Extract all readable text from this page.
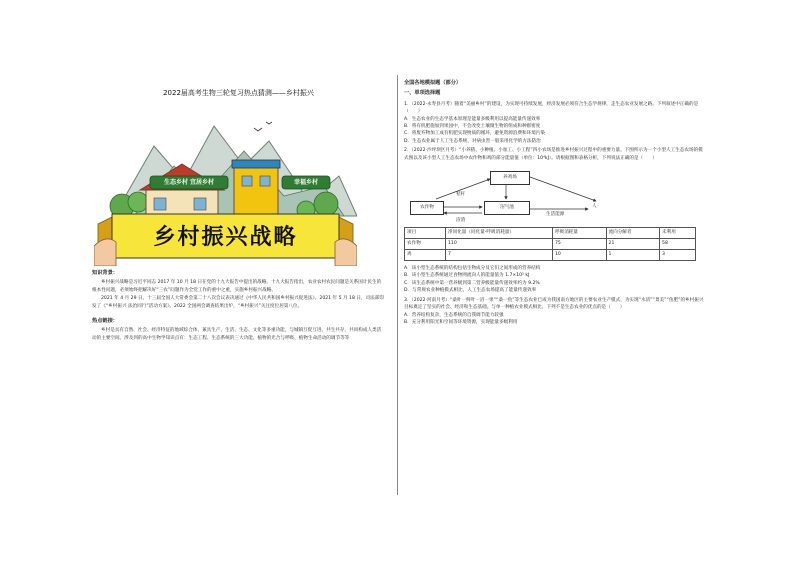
2022届高考生物三轮复习热点猜测——乡村振兴
生态乡村 宜居乡村	幸福乡村
乡村振兴战略
知识背景：

乡村振兴战略是习近平同志 2017 年 10 月 18 日在党的十九大报告中提出的战略。十九大报告指出，农业农村农民问题是关系国计民生的根本性问题，必须始终把解决好“三农”问题作为全党工作的重中之重，实施乡村振兴战略。

2021 年 4 月 29 日，十三届全国人大常委会第二十八次会议表决通过《中华人民共和国乡村振兴促进法》。2021 年 5 月 18 日，司法部印发了《“乡村振兴 法治同行”活动方案》。2022 全国两会调查结果出炉，“乡村振兴”关注度位居第八位。

热点链接：

乡村是具有自然、社会、经济特征的地域综合体，兼具生产、生活、生态、文化等多重功能，与城镇互促互进、共生共存，共同构成人类活动的主要空间。涉及到的高中生物学知识点有：生态工程、生态系统的三大功能、植物的光合与呼吸、植物生命活动的调节等等

全国各地模拟题（部分）
一、单项选择题

1．（2022·永寿县月考）随着“美丽乡村”的建设，为实现可持续发展，经济发展必须符合生态学规律，走生态农业发展之路。下列叙述中正确的是（　　）

A．生态农业的生态学基本原理是能量多级利用以提高能量传递效率

B．将有机肥施加到果园中，不会改变土壤微生物的组成和种群密度

C．将废弃物加工成有机肥实现物质的循环，避免资源浪费和环境污染

D．生态农业属于人工生态系统，对病虫害一般采用化学的方法防治

2．（2022·沙坪坝区月考）“小养猪、小种植、小加工、小工程”四小农场是推进乡村振兴过程中的重要力量。下图所示为一个小型人工生态农场的模式图以及该小型人工生态农场中农作物和鸡的部分能量值（单位：10⁴kJ）。请根据图和表格分析，下列说法正确的是（　　）

农作物
养鸡场
沼气池	人
秸秆
沼渣
生活能源
项目	净同化量（同化量-呼吸消耗量）	呼吸消耗量	流向分解者	未利用
农作物	110	75	21	58
鸡	7	10	1	3

A．该小型生态系统的结构包括生物成分及它们之间形成的营养结构

B．该小型生态系统通过食物网流向人的能量值为 1.7×10⁵ kJ

C．该生态系统中第一营养级到第二营养级能量传递效率约为 9.2%

D．与常规农业种植模式相比，人工生态农场提高了能量传递效率

3．（2022·河南月考）“桑叶一鲜叶一沼一果”“桑一鱼”等生态农业已成为我国南方地区的主要农业生产模式，为实现“水清”“景美”“鱼肥”的乡村振兴目标奠定了坚实的社会、经济和生态基础。与单一种植农业模式相比，下列不是生态农业的优点的是（　　）

A．营养结构复杂，生态系统的自我调节能力较强

B．充分利用阳光和空间等环境资源，实现能量多级利用
